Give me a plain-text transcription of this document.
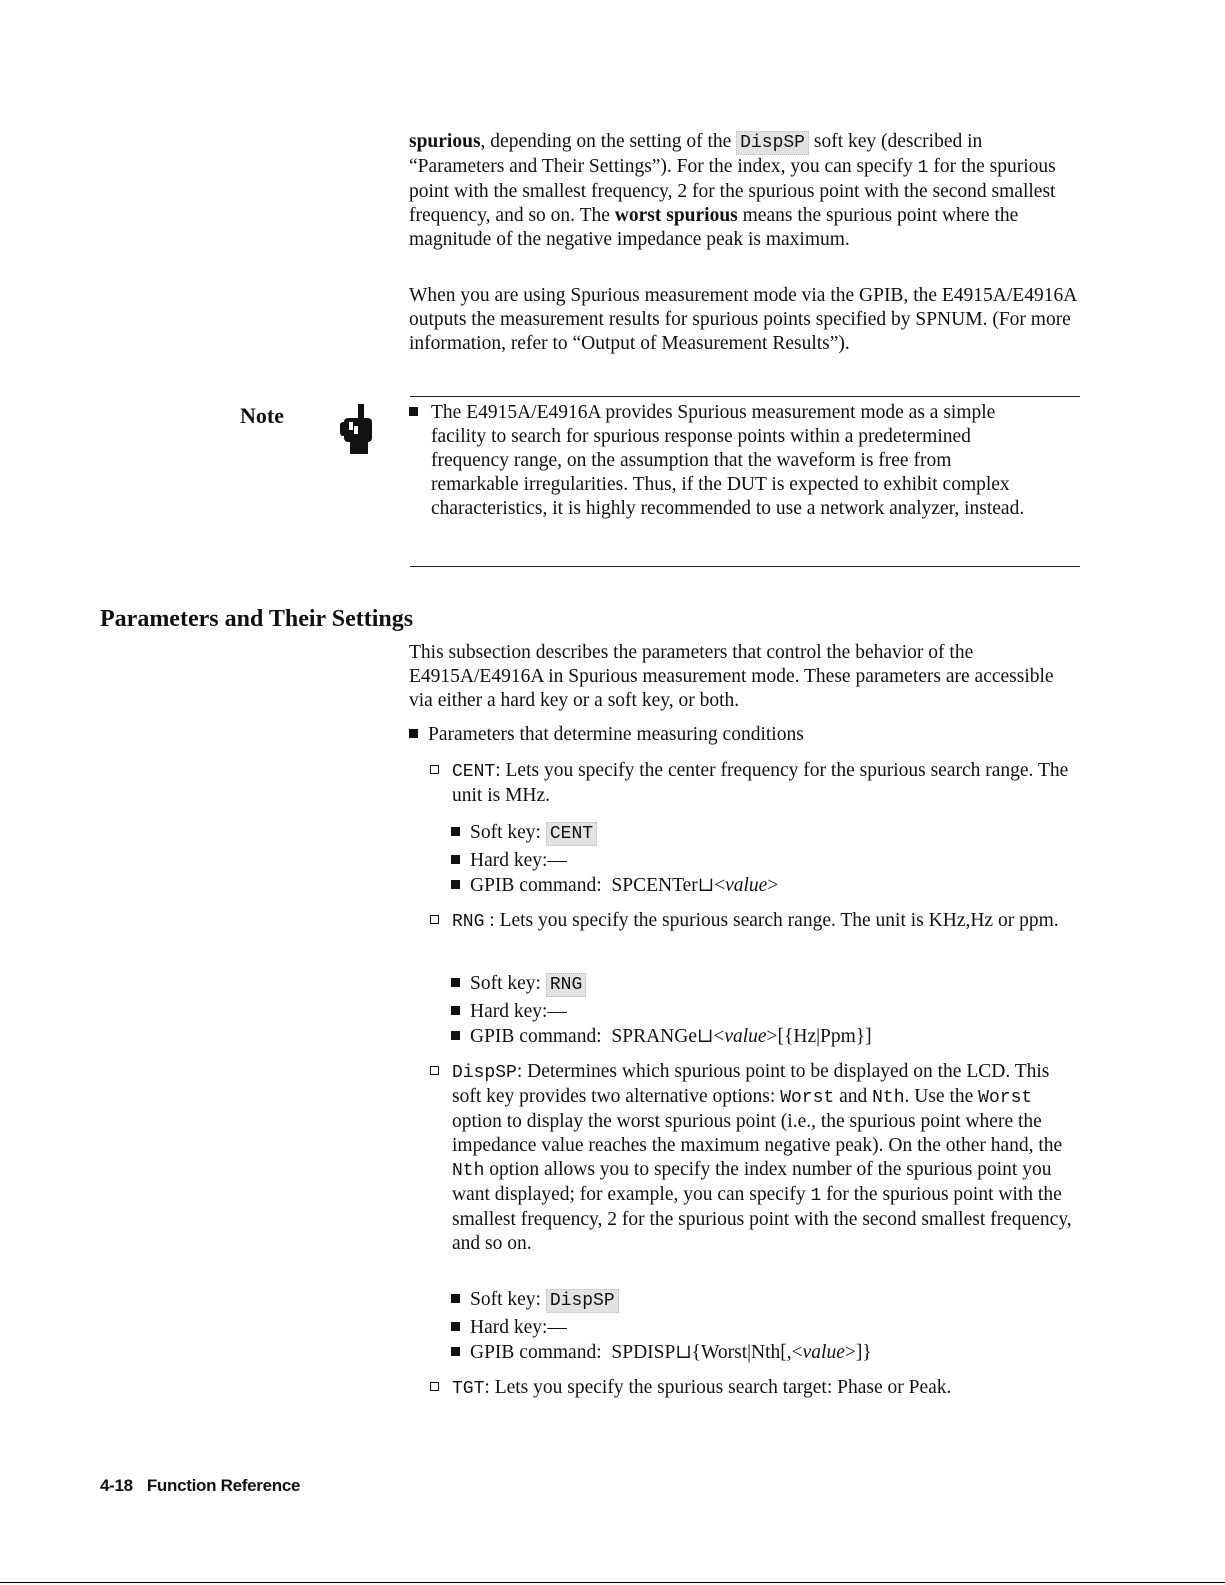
spurious, depending on the setting of the DispSP soft key (described in “Parameters and Their Settings”). For the index, you can specify 1 for the spurious point with the smallest frequency, 2 for the spurious point with the second smallest frequency, and so on. The worst spurious means the spurious point where the magnitude of the negative impedance peak is maximum.

When you are using Spurious measurement mode via the GPIB, the E4915A/E4916A outputs the measurement results for spurious points specified by SPNUM. (For more information, refer to “Output of Measurement Results”).

Note	The E4915A/E4916A provides Spurious measurement mode as a simple facility to search for spurious response points within a predetermined frequency range, on the assumption that the waveform is free from remarkable irregularities. Thus, if the DUT is expected to exhibit complex characteristics, it is highly recommended to use a network analyzer, instead.
Parameters and Their Settings

This subsection describes the parameters that control the behavior of the E4915A/E4916A in Spurious measurement mode. These parameters are accessible via either a hard key or a soft key, or both.

Parameters that determine measuring conditions
CENT: Lets you specify the center frequency for the spurious search range. The unit is MHz.
Soft key: CENT
Hard key:—
GPIB command: SPCENTer⊔<value>
RNG : Lets you specify the spurious search range. The unit is KHz,Hz or ppm.
Soft key: RNG
Hard key:—
GPIB command: SPRANGe⊔<value>[{Hz|Ppm}]
DispSP: Determines which spurious point to be displayed on the LCD. This soft key provides two alternative options: Worst and Nth. Use the Worst option to display the worst spurious point (i.e., the spurious point where the impedance value reaches the maximum negative peak). On the other hand, the Nth option allows you to specify the index number of the spurious point you want displayed; for example, you can specify 1 for the spurious point with the smallest frequency, 2 for the spurious point with the second smallest frequency, and so on.
Soft key: DispSP
Hard key:—
GPIB command: SPDISP⊔{Worst|Nth[,<value>]}
TGT: Lets you specify the spurious search target: Phase or Peak.
4-18 Function Reference
